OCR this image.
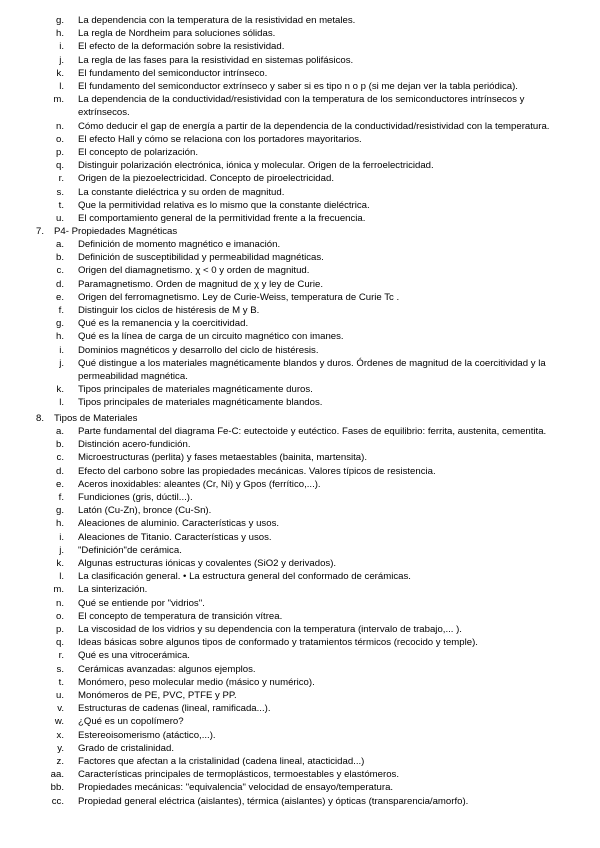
g.	La dependencia con la temperatura de la resistividad en metales.
h.	La regla de Nordheim para soluciones sólidas.
i.	El efecto de la deformación sobre la resistividad.
j.	La regla de las fases para la resistividad en sistemas polifásicos.
k.	El fundamento del semiconductor intrínseco.
l.	El fundamento del semiconductor extrínseco y saber si es tipo n o p (si me dejan ver la tabla periódica).
m.	La dependencia de la conductividad/resistividad con la temperatura de los semiconductores intrínsecos y extrínsecos.
n.	Cómo deducir el gap de energía a partir de la dependencia de la conductividad/resistividad con la temperatura.
o.	El efecto Hall y cómo se relaciona con los portadores mayoritarios.
p.	El concepto de polarización.
q.	Distinguir polarización electrónica, iónica y molecular. Origen de la ferroelectricidad.
r.	Origen de la piezoelectricidad. Concepto de piroelectricidad.
s.	La constante dieléctrica y su orden de magnitud.
t.	Que la permitividad relativa es lo mismo que la constante dieléctrica.
u.	El comportamiento general de la permitividad frente a la frecuencia.
7.	P4- Propiedades Magnéticas
a.	Definición de momento magnético e imanación.
b.	Definición de susceptibilidad y permeabilidad magnéticas.
c.	Origen del diamagnetismo. χ < 0 y orden de magnitud.
d.	Paramagnetismo. Orden de magnitud de χ y ley de Curie.
e.	Origen del ferromagnetismo. Ley de Curie-Weiss, temperatura de Curie Tc .
f.	Distinguir los ciclos de histéresis de M y B.
g.	Qué es la remanencia y la coercitividad.
h.	Qué es la línea de carga de un circuito magnético con imanes.
i.	Dominios magnéticos y desarrollo del ciclo de histéresis.
j.	Qué distingue a los materiales magnéticamente blandos y duros. Órdenes de magnitud de la coercitividad y la permeabilidad magnética.
k.	Tipos principales de materiales magnéticamente duros.
l.	Tipos principales de materiales magnéticamente blandos.
8.	Tipos de Materiales
a.	Parte fundamental del diagrama Fe-C: eutectoide y eutéctico. Fases de equilibrio: ferrita, austenita, cementita.
b.	Distinción acero-fundición.
c.	Microestructuras (perlita) y fases metaestables (bainita, martensita).
d.	Efecto del carbono sobre las propiedades mecánicas. Valores típicos de resistencia.
e.	Aceros inoxidables: aleantes (Cr, Ni) y Gpos (ferrítico,...).
f.	Fundiciones (gris, dúctil...).
g.	Latón (Cu-Zn), bronce (Cu-Sn).
h.	Aleaciones de aluminio. Características y usos.
i.	Aleaciones de Titanio. Características y usos.
j.	"Definición"de cerámica.
k.	Algunas estructuras iónicas y covalentes (SiO2 y derivados).
l.	La clasificación general. • La estructura general del conformado de cerámicas.
m.	La sinterización.
n.	Qué se entiende por "vidrios".
o.	El concepto de temperatura de transición vítrea.
p.	La viscosidad de los vidrios y su dependencia con la temperatura (intervalo de trabajo,... ).
q.	Ideas básicas sobre algunos tipos de conformado y tratamientos térmicos (recocido y temple).
r.	Qué es una vitrocerámica.
s.	Cerámicas avanzadas: algunos ejemplos.
t.	Monómero, peso molecular medio (másico y numérico).
u.	Monómeros de PE, PVC, PTFE y PP.
v.	Estructuras de cadenas (lineal, ramificada...).
w.	¿Qué es un copolímero?
x.	Estereoisomerismo (atáctico,...).
y.	Grado de cristalinidad.
z.	Factores que afectan a la cristalinidad (cadena lineal, atacticidad...)
aa.	Características principales de termoplásticos, termoestables y elastómeros.
bb.	Propiedades mecánicas: "equivalencia" velocidad de ensayo/temperatura.
cc.	Propiedad general eléctrica (aislantes), térmica (aislantes) y ópticas (transparencia/amorfo).
